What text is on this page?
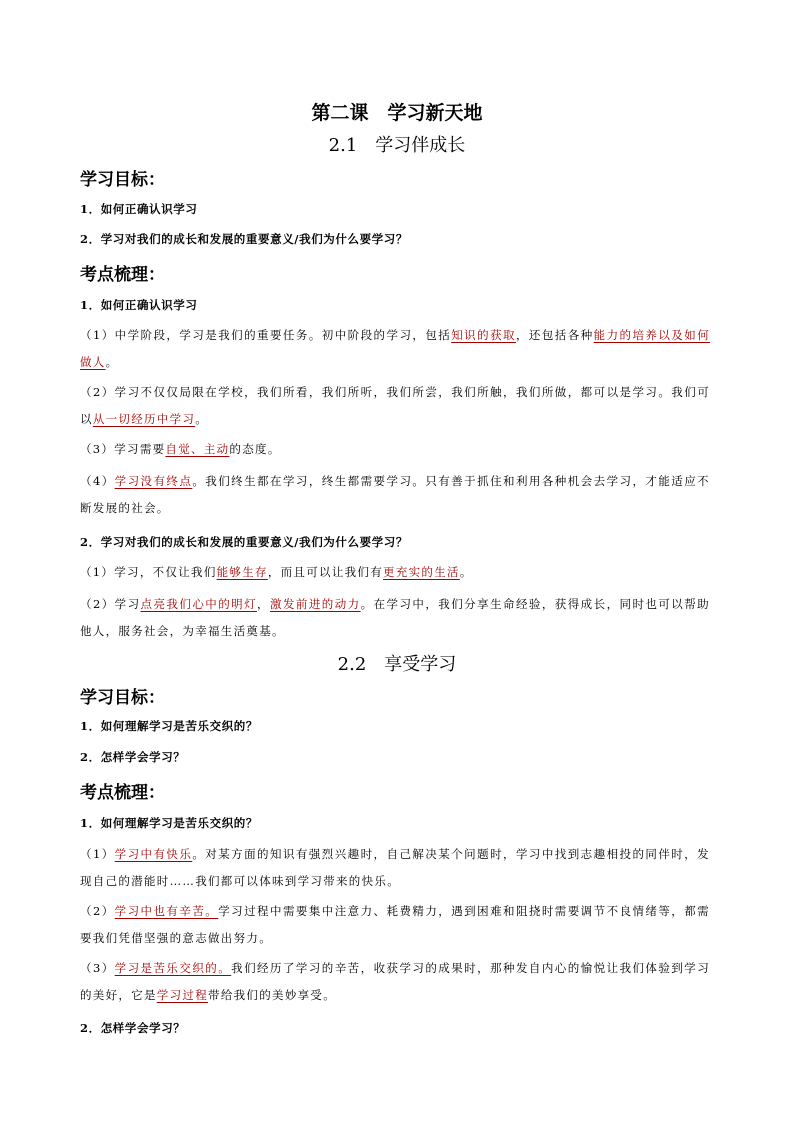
第二课　学习新天地
2.1　学习伴成长
学习目标：
1．如何正确认识学习
2．学习对我们的成长和发展的重要意义/我们为什么要学习？
考点梳理：
1．如何正确认识学习
（1）中学阶段，学习是我们的重要任务。初中阶段的学习，包括知识的获取，还包括各种能力的培养以及如何做人。
（2）学习不仅仅局限在学校，我们所看，我们所听，我们所尝，我们所触，我们所做，都可以是学习。我们可以从一切经历中学习。
（3）学习需要自觉、主动的态度。
（4）学习没有终点。我们终生都在学习，终生都需要学习。只有善于抓住和利用各种机会去学习，才能适应不断发展的社会。
2．学习对我们的成长和发展的重要意义/我们为什么要学习？
（1）学习，不仅让我们能够生存，而且可以让我们有更充实的生活。
（2）学习点亮我们心中的明灯，激发前进的动力。在学习中，我们分享生命经验，获得成长，同时也可以帮助他人，服务社会，为幸福生活奠基。
2.2　享受学习
学习目标：
1．如何理解学习是苦乐交织的？
2．怎样学会学习？
考点梳理：
1．如何理解学习是苦乐交织的？
（1）学习中有快乐。对某方面的知识有强烈兴趣时，自己解决某个问题时，学习中找到志趣相投的同伴时，发现自己的潜能时……我们都可以体味到学习带来的快乐。
（2）学习中也有辛苦。学习过程中需要集中注意力、耗费精力，遇到困难和阻挠时需要调节不良情绪等，都需要我们凭借坚强的意志做出努力。
（3）学习是苦乐交织的。我们经历了学习的辛苦，收获学习的成果时，那种发自内心的愉悦让我们体验到学习的美好，它是学习过程带给我们的美妙享受。
2．怎样学会学习？
